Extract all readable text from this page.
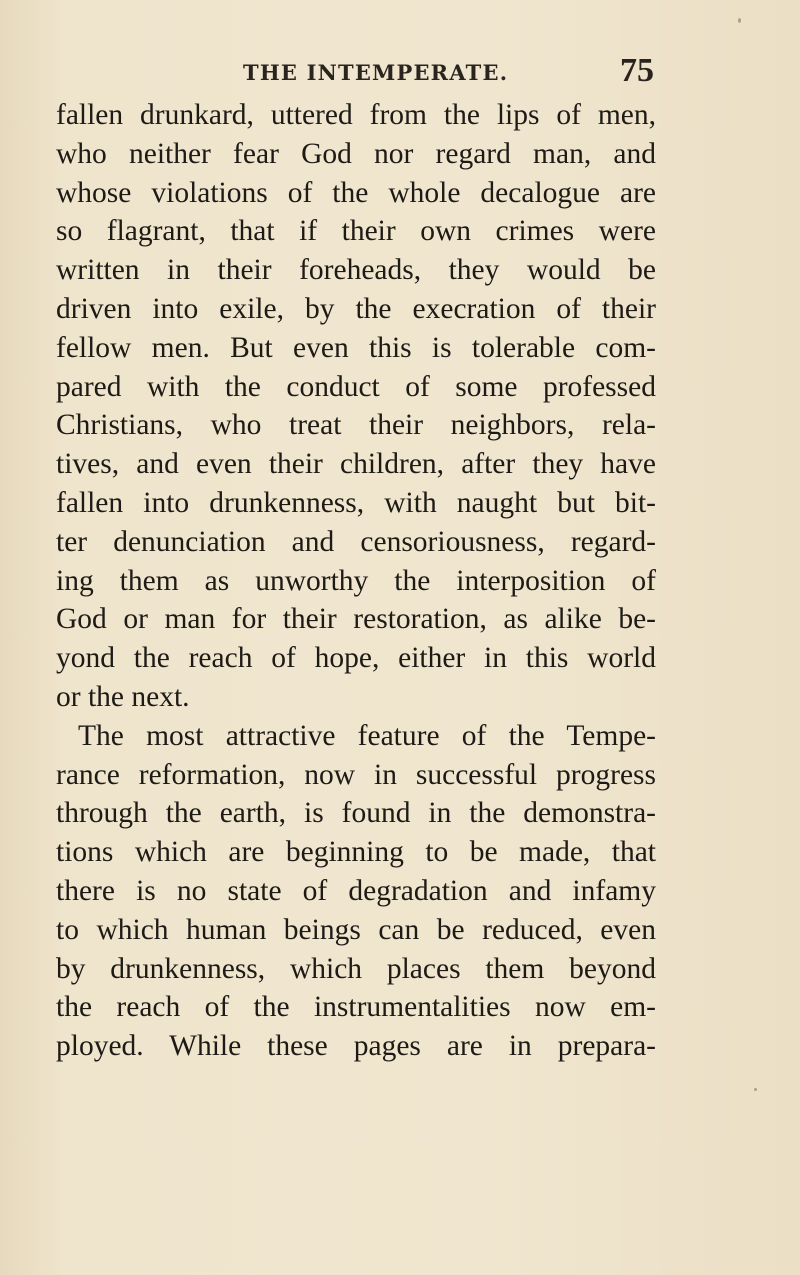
THE INTEMPERATE.	75
fallen drunkard, uttered from the lips of men,
who neither fear God nor regard man, and
whose violations of the whole decalogue are
so flagrant, that if their own crimes were
written in their foreheads, they would be
driven into exile, by the execration of their
fellow men. But even this is tolerable com-
pared with the conduct of some professed
Christians, who treat their neighbors, rela-
tives, and even their children, after they have
fallen into drunkenness, with naught but bit-
ter denunciation and censoriousness, regard-
ing them as unworthy the interposition of
God or man for their restoration, as alike be-
yond the reach of hope, either in this world
or the next.
The most attractive feature of the Tempe-
rance reformation, now in successful progress
through the earth, is found in the demonstra-
tions which are beginning to be made, that
there is no state of degradation and infamy
to which human beings can be reduced, even
by drunkenness, which places them beyond
the reach of the instrumentalities now em-
ployed. While these pages are in prepara-
